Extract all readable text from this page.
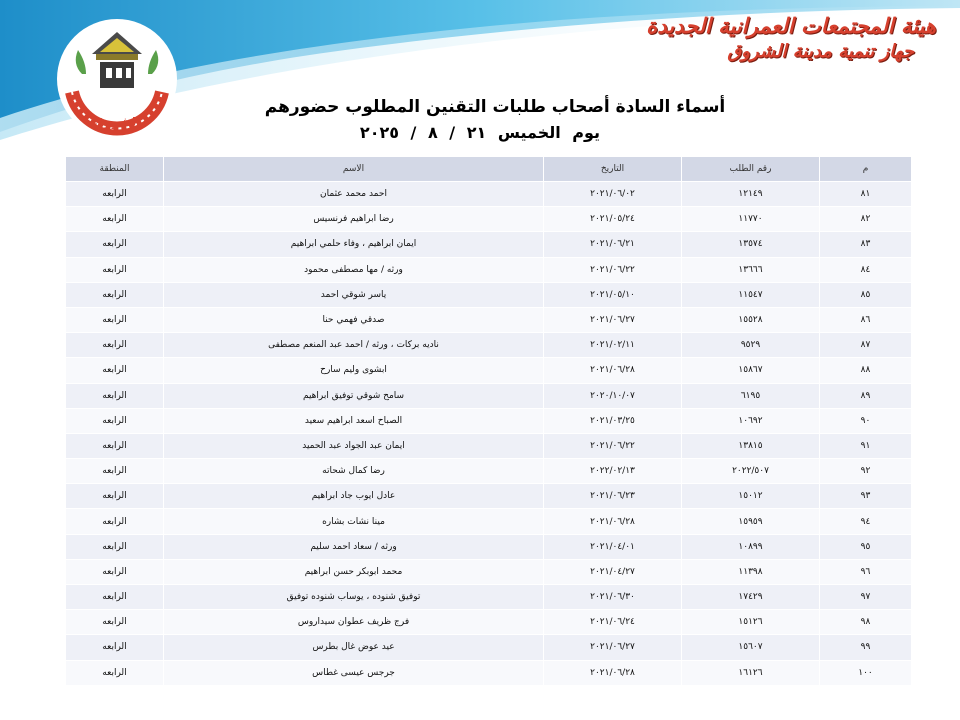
الشروق
هيئة المجتمعات العمرانية الجديدة
جهاز تنمية مدينة الشروق
أسماء السادة أصحاب طلبات التقنين المطلوب حضورهم
يوم الخميس ٢١ / ٨ / ٢٠٢٥
م	رقم الطلب	التاريخ	الاسم	المنطقة
٨١	١٢١٤٩	٢٠٢١/٠٦/٠٢	احمد محمد عثمان	الرابعه
٨٢	١١٧٧٠	٢٠٢١/٠٥/٢٤	رضا ابراهيم فرنسيس	الرابعه
٨٣	١٣٥٧٤	٢٠٢١/٠٦/٢١	ايمان ابراهيم ، وفاء حلمي ابراهيم	الرابعه
٨٤	١٣٦٦٦	٢٠٢١/٠٦/٢٢	ورثه / مها مصطفى محمود	الرابعه
٨٥	١١٥٤٧	٢٠٢١/٠٥/١٠	ياسر شوقي احمد	الرابعه
٨٦	١٥٥٢٨	٢٠٢١/٠٦/٢٧	صدقي فهمي حنا	الرابعه
٨٧	٩٥٢٩	٢٠٢١/٠٢/١١	ناديه بركات ، ورثه / احمد عبد المنعم مصطفى	الرابعه
٨٨	١٥٨٦٧	٢٠٢١/٠٦/٢٨	ابشوى وليم سارح	الرابعه
٨٩	٦١٩٥	٢٠٢٠/١٠/٠٧	سامح شوقي توفيق ابراهيم	الرابعه
٩٠	١٠٦٩٢	٢٠٢١/٠٣/٢٥	الصباح اسعد ابراهيم سعيد	الرابعه
٩١	١٣٨١٥	٢٠٢١/٠٦/٢٢	ايمان عبد الجواد عبد الحميد	الرابعه
٩٢	٢٠٢٢/٥٠٧	٢٠٢٢/٠٢/١٣	رضا كمال شحاته	الرابعه
٩٣	١٥٠١٢	٢٠٢١/٠٦/٢٣	عادل ايوب جاد ابراهيم	الرابعه
٩٤	١٥٩٥٩	٢٠٢١/٠٦/٢٨	مينا نشات بشاره	الرابعه
٩٥	١٠٨٩٩	٢٠٢١/٠٤/٠١	ورثه / سعاد احمد سليم	الرابعه
٩٦	١١٣٩٨	٢٠٢١/٠٤/٢٧	محمد ابوبكر حسن ابراهيم	الرابعه
٩٧	١٧٤٢٩	٢٠٢١/٠٦/٣٠	توفيق شنوده ، يوساب شنوده توفيق	الرابعه
٩٨	١٥١٢٦	٢٠٢١/٠٦/٢٤	فرج ظريف عطوان سيداروس	الرابعه
٩٩	١٥٦٠٧	٢٠٢١/٠٦/٢٧	عيد عوض غال بطرس	الرابعه
١٠٠	١٦١٢٦	٢٠٢١/٠٦/٢٨	جرجس عيسى غطاس	الرابعه
